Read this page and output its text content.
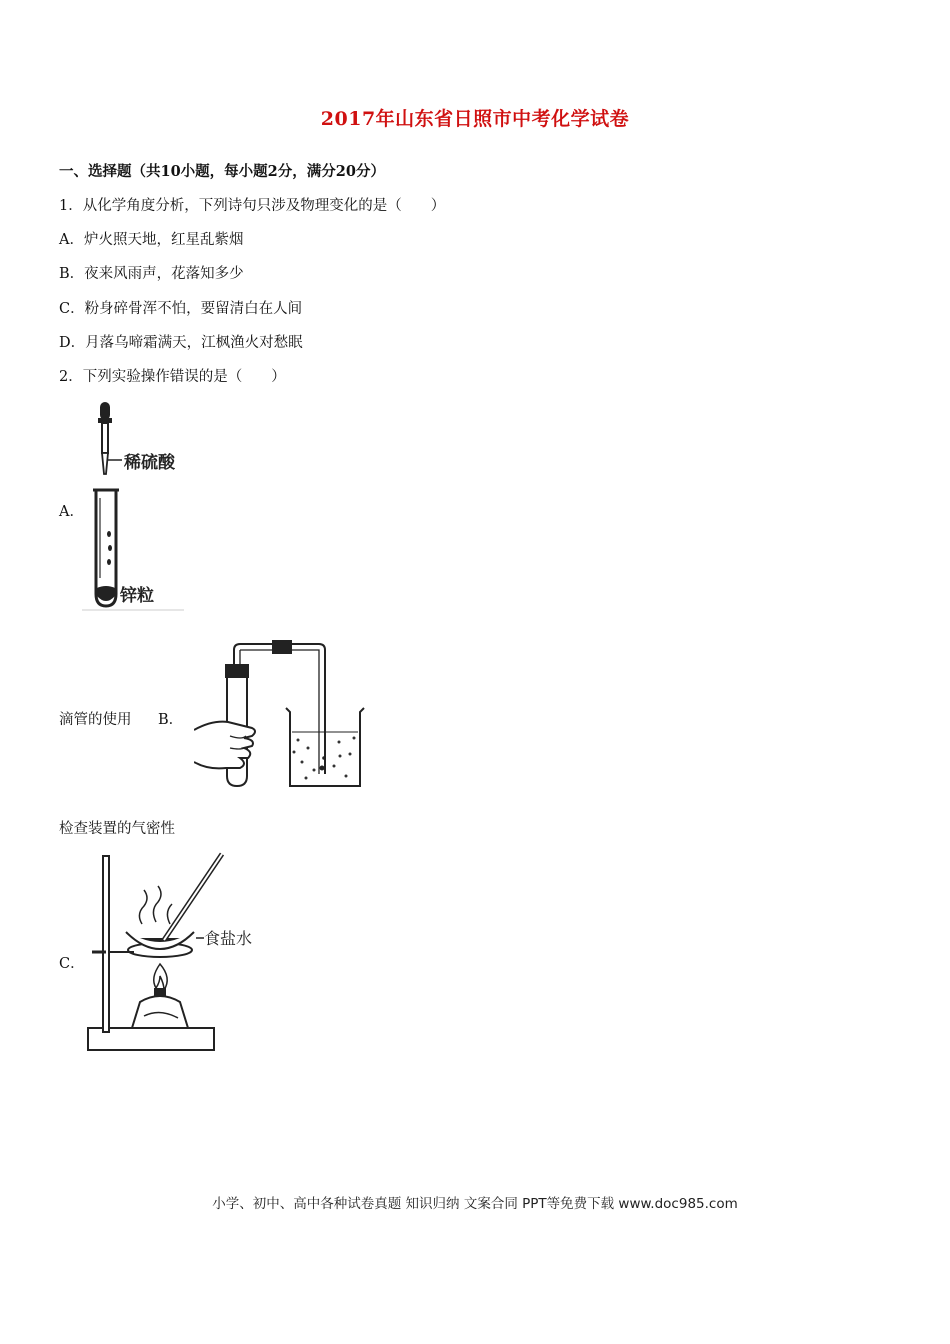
2017年山东省日照市中考化学试卷
一、选择题（共10小题，每小题2分，满分20分）
1．从化学角度分析，下列诗句只涉及物理变化的是（　　）
A．炉火照天地，红星乱紫烟
B．夜来风雨声，花落知多少
C．粉身碎骨浑不怕，要留清白在人间
D．月落乌啼霜满天，江枫渔火对愁眠
2．下列实验操作错误的是（　　）
A．
稀硫酸
锌粒
滴管的使用 B．
检查装置的气密性
C．
食盐水
小学、初中、高中各种试卷真题 知识归纳 文案合同 PPT等免费下载 www.doc985.com
